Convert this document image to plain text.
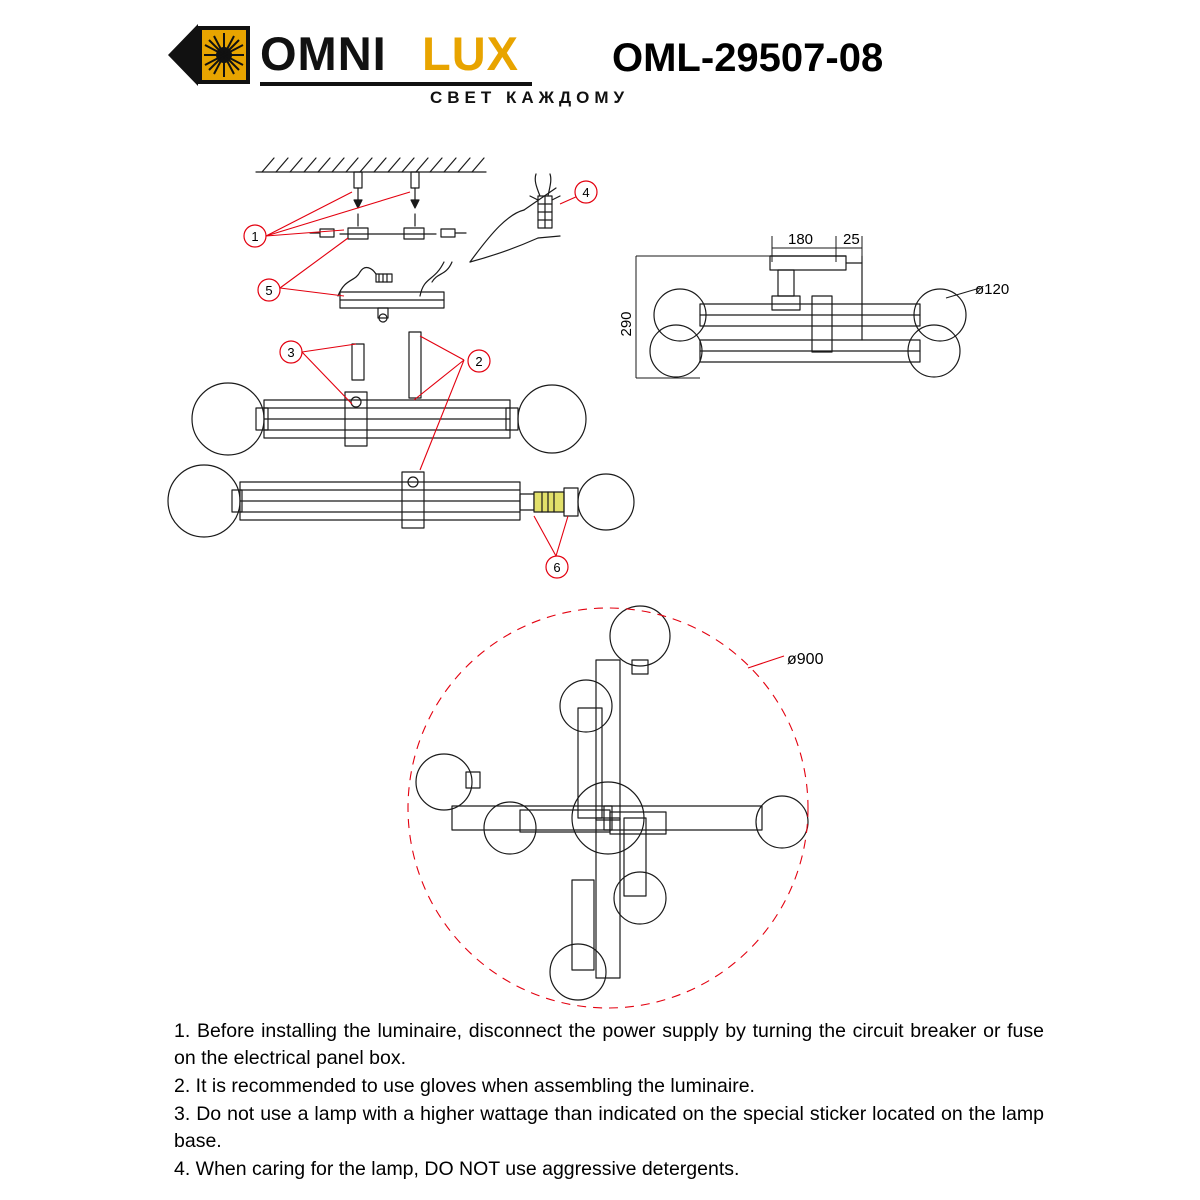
OMNI LUX
СВЕТ КАЖДОМУ
OML-29507-08
180 25
290
ø120
ø900
1
5
3
2
4
6

1. Before installing the luminaire, disconnect the power supply by turning the circuit breaker or fuse on the electrical panel box.

2. It is recommended to use gloves when assembling the luminaire.

3. Do not use a lamp with a higher wattage than indicated on the special sticker located on the lamp base.

4. When caring for the lamp, DO NOT use aggressive detergents.
